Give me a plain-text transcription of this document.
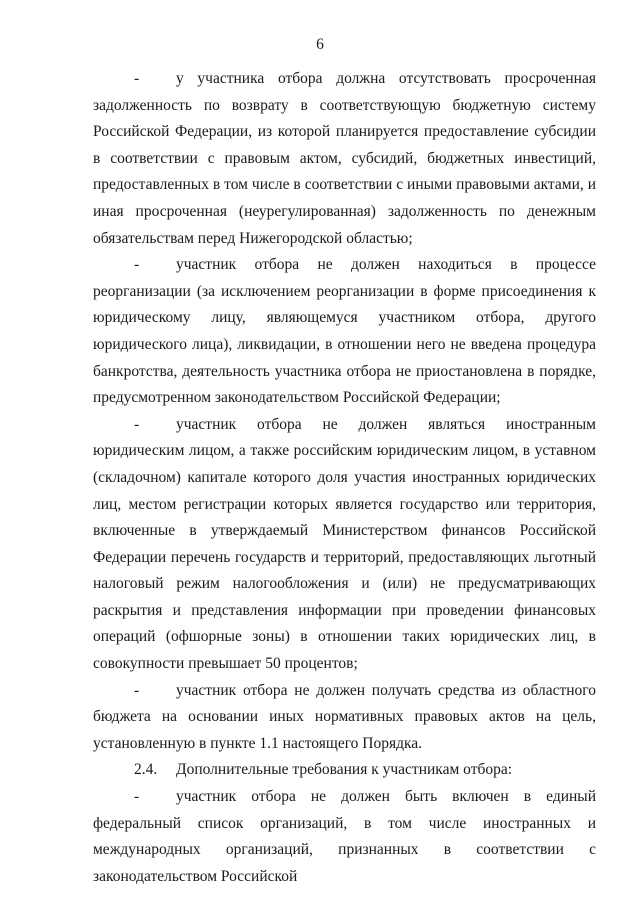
6

- у участника отбора должна отсутствовать просроченная задолженность по возврату в соответствующую бюджетную систему Российской Федерации, из которой планируется предоставление субсидии в соответствии с правовым актом, субсидий, бюджетных инвестиций, предоставленных в том числе в соответствии с иными правовыми актами, и иная просроченная (неурегулированная) задолженность по денежным обязательствам перед Нижегородской областью;

- участник отбора не должен находиться в процессе реорганизации (за исключением реорганизации в форме присоединения к юридическому лицу, являющемуся участником отбора, другого юридического лица), ликвидации, в отношении него не введена процедура банкротства, деятельность участника отбора не приостановлена в порядке, предусмотренном законодательством Российской Федерации;

- участник отбора не должен являться иностранным юридическим лицом, а также российским юридическим лицом, в уставном (складочном) капитале которого доля участия иностранных юридических лиц, местом регистрации которых является государство или территория, включенные в утверждаемый Министерством финансов Российской Федерации перечень государств и территорий, предоставляющих льготный налоговый режим налогообложения и (или) не предусматривающих раскрытия и представления информации при проведении финансовых операций (офшорные зоны) в отношении таких юридических лиц, в совокупности превышает 50 процентов;

- участник отбора не должен получать средства из областного бюджета на основании иных нормативных правовых актов на цель, установленную в пункте 1.1 настоящего Порядка.

2.4. Дополнительные требования к участникам отбора:

- участник отбора не должен быть включен в единый федеральный список организаций, в том числе иностранных и международных организаций, признанных в соответствии с законодательством Российской
